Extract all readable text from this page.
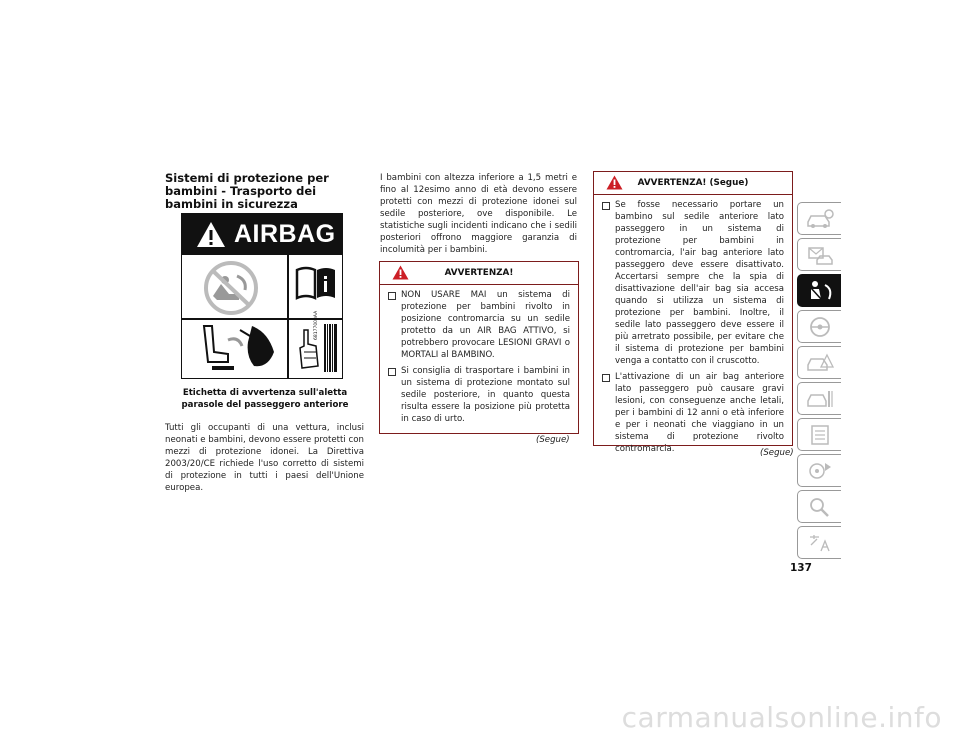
Sistemi di protezione per bambini - Trasporto dei bambini in sicurezza
AIRBAG
68177003AA
Etichetta di avvertenza sull'aletta parasole del passeggero anteriore
Tutti gli occupanti di una vettura, inclusi neonati e bambini, devono essere protetti con mezzi di protezione idonei. La Direttiva 2003/20/CE richiede l'uso corretto di sistemi di protezione in tutti i paesi dell'Unione europea.
I bambini con altezza inferiore a 1,5 metri e fino al 12esimo anno di età devono essere protetti con mezzi di protezione idonei sul sedile posteriore, ove disponibile. Le statistiche sugli incidenti indicano che i sedili posteriori offrono maggiore garanzia di incolumità per i bambini.
AVVERTENZA!
NON USARE MAI un sistema di protezione per bambini rivolto in posizione contromarcia su un sedile protetto da un AIR BAG ATTIVO, si potrebbero provocare LESIONI GRAVI o MORTALI al BAMBINO.
Si consiglia di trasportare i bambini in un sistema di protezione montato sul sedile posteriore, in quanto questa risulta essere la posizione più protetta in caso di urto.
(Segue)
AVVERTENZA! (Segue)
Se fosse necessario portare un bambino sul sedile anteriore lato passeggero in un sistema di protezione per bambini in contromarcia, l'air bag anteriore lato passeggero deve essere disattivato. Accertarsi sempre che la spia di disattivazione dell'air bag sia accesa quando si utilizza un sistema di protezione per bambini. Inoltre, il sedile lato passeggero deve essere il più arretrato possibile, per evitare che il sistema di protezione per bambini venga a contatto con il cruscotto.
L'attivazione di un air bag anteriore lato passeggero può causare gravi lesioni, con conseguenze anche letali, per i bambini di 12 anni o età inferiore e per i neonati che viaggiano in un sistema di protezione rivolto contromarcia.	(Segue)
137
carmanualsonline.info
